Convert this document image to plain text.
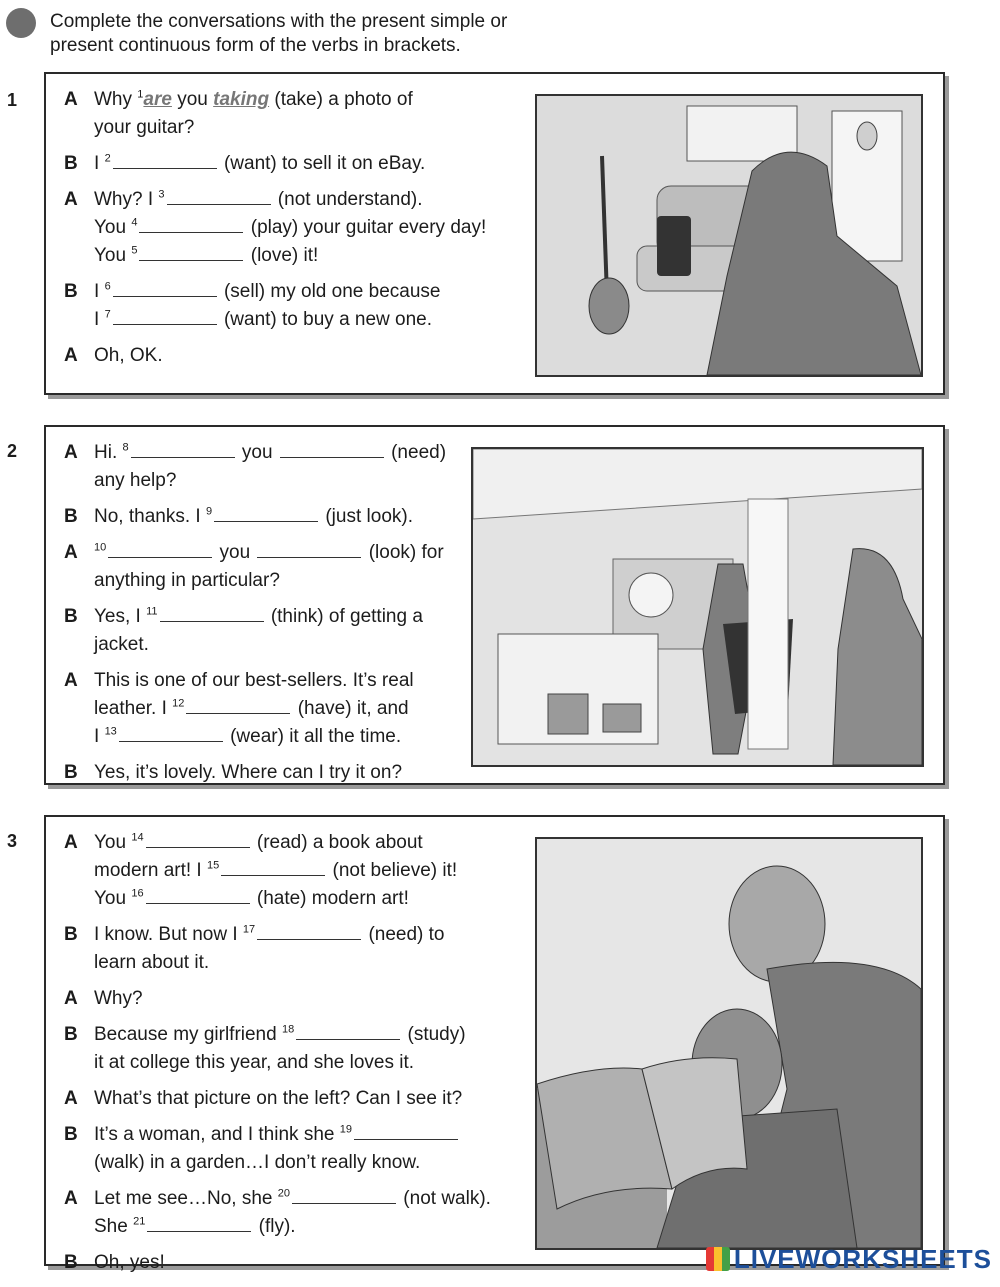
Complete the conversations with the present simple or
present continuous form of the verbs in brackets.
1 A Why $^1$are you taking (take) a photo of
your guitar?
B I $^2$	(want) to sell it on eBay.
A Why? I $^3$	(not understand).
You $^4$	(play) your guitar every day!
You $^5$	(love) it!
B I $^6$	(sell) my old one because
I $^7$	(want) to buy a new one.
A Oh, OK.
2 A Hi. $^8$	you	(need)
any help?
B No, thanks. I $^9$	(just look).
A $^{10}$	you	(look) for
anything in particular?
B Yes, I $^{11}$	(think) of getting a
jacket.
A This is one of our best-sellers. It’s real
leather. I $^{12}$	(have) it, and
I $^{13}$	(wear) it all the time.
B Yes, it’s lovely. Where can I try it on?
3 A You $^{14}$	(read) a book about
modern art! I $^{15}$	(not believe) it!
You $^{16}$	(hate) modern art!
B I know. But now I $^{17}$	(need) to
learn about it.
A Why?
B Because my girlfriend $^{18}$	(study)
it at college this year, and she loves it.
A What’s that picture on the left? Can I see it?
B It’s a woman, and I think she $^{19}$
(walk) in a garden…I don’t really know.
A Let me see…No, she $^{20}$	(not walk).
She $^{21}$	(fly).
B Oh, yes!	LIVEWORKSHEETS
